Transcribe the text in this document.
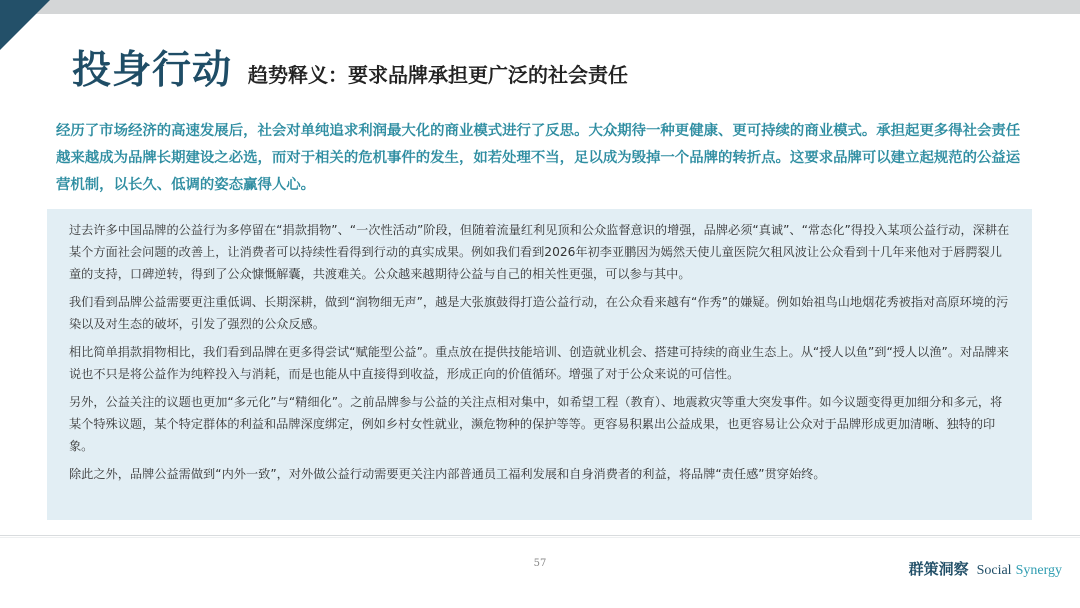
投身行动 趋势释义：要求品牌承担更广泛的社会责任

经历了市场经济的高速发展后，社会对单纯追求利润最大化的商业模式进行了反思。大众期待一种更健康、更可持续的商业模式。承担起更多得社会责任越来越成为品牌长期建设之必选，而对于相关的危机事件的发生，如若处理不当，足以成为毁掉一个品牌的转折点。这要求品牌可以建立起规范的公益运营机制，以长久、低调的姿态赢得人心。

过去许多中国品牌的公益行为多停留在“捐款捐物”、“一次性活动”阶段，但随着流量红利见顶和公众监督意识的增强，品牌必须“真诚”、“常态化”得投入某项公益行动，深耕在某个方面社会问题的改善上，让消费者可以持续性看得到行动的真实成果。例如我们看到2026年初李亚鹏因为嫣然天使儿童医院欠租风波让公众看到十几年来他对于唇腭裂儿童的支持，口碑逆转，得到了公众慷慨解囊，共渡难关。公众越来越期待公益与自己的相关性更强，可以参与其中。

我们看到品牌公益需要更注重低调、长期深耕，做到“润物细无声”，越是大张旗鼓得打造公益行动，在公众看来越有“作秀”的嫌疑。例如始祖鸟山地烟花秀被指对高原环境的污染以及对生态的破坏，引发了强烈的公众反感。

相比简单捐款捐物相比，我们看到品牌在更多得尝试“赋能型公益”。重点放在提供技能培训、创造就业机会、搭建可持续的商业生态上。从“授人以鱼”到“授人以渔”。对品牌来说也不只是将公益作为纯粹投入与消耗，而是也能从中直接得到收益，形成正向的价值循环。增强了对于公众来说的可信性。

另外，公益关注的议题也更加“多元化”与“精细化”。之前品牌参与公益的关注点相对集中，如希望工程（教育）、地震救灾等重大突发事件。如今议题变得更加细分和多元，将某个特殊议题，某个特定群体的利益和品牌深度绑定，例如乡村女性就业，濒危物种的保护等等。更容易积累出公益成果，也更容易让公众对于品牌形成更加清晰、独特的印象。

除此之外，品牌公益需做到“内外一致”，对外做公益行动需要更关注内部普通员工福利发展和自身消费者的利益，将品牌“责任感”贯穿始终。

57	群策洞察 Social Synergy
